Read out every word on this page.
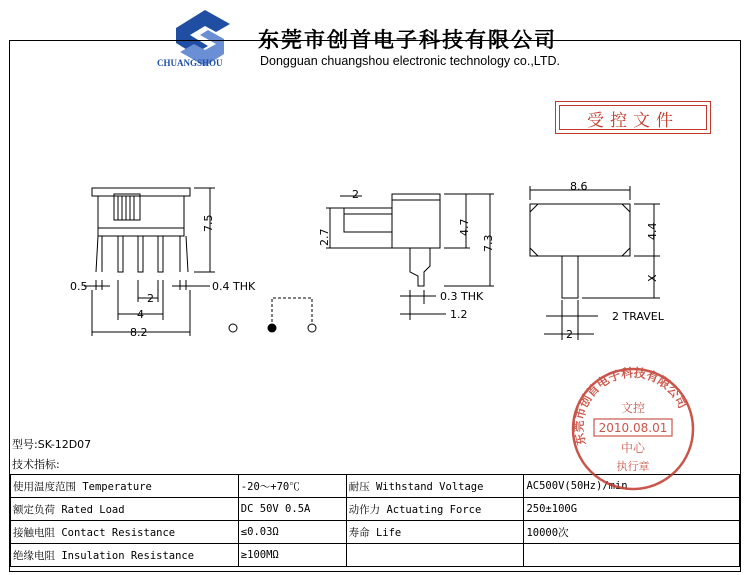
CHUANGSHOU
东莞市创首电子科技有限公司
Dongguan chuangshou electronic technology co.,LTD.
受控文件
7.5
0.5
2
4
8.2
0.4 THK
2
2.7
4.7
7.3
0.3 THK
1.2
8.6
4.4
X
2
2 TRAVEL
型号:SK-12D07
技术指标:
使用温度范围 Temperature	-20～+70℃	耐压 Withstand Voltage	AC500V(50Hz)/min
额定负荷 Rated Load	DC 50V 0.5A	动作力 Actuating Force	250±100G
接触电阻 Contact Resistance	≤0.03Ω	寿命 Life	10000次
绝缘电阻 Insulation Resistance	≥100MΩ		
东莞市创首电子科技有限公司
文控
2010.08.01
中心
执行章
